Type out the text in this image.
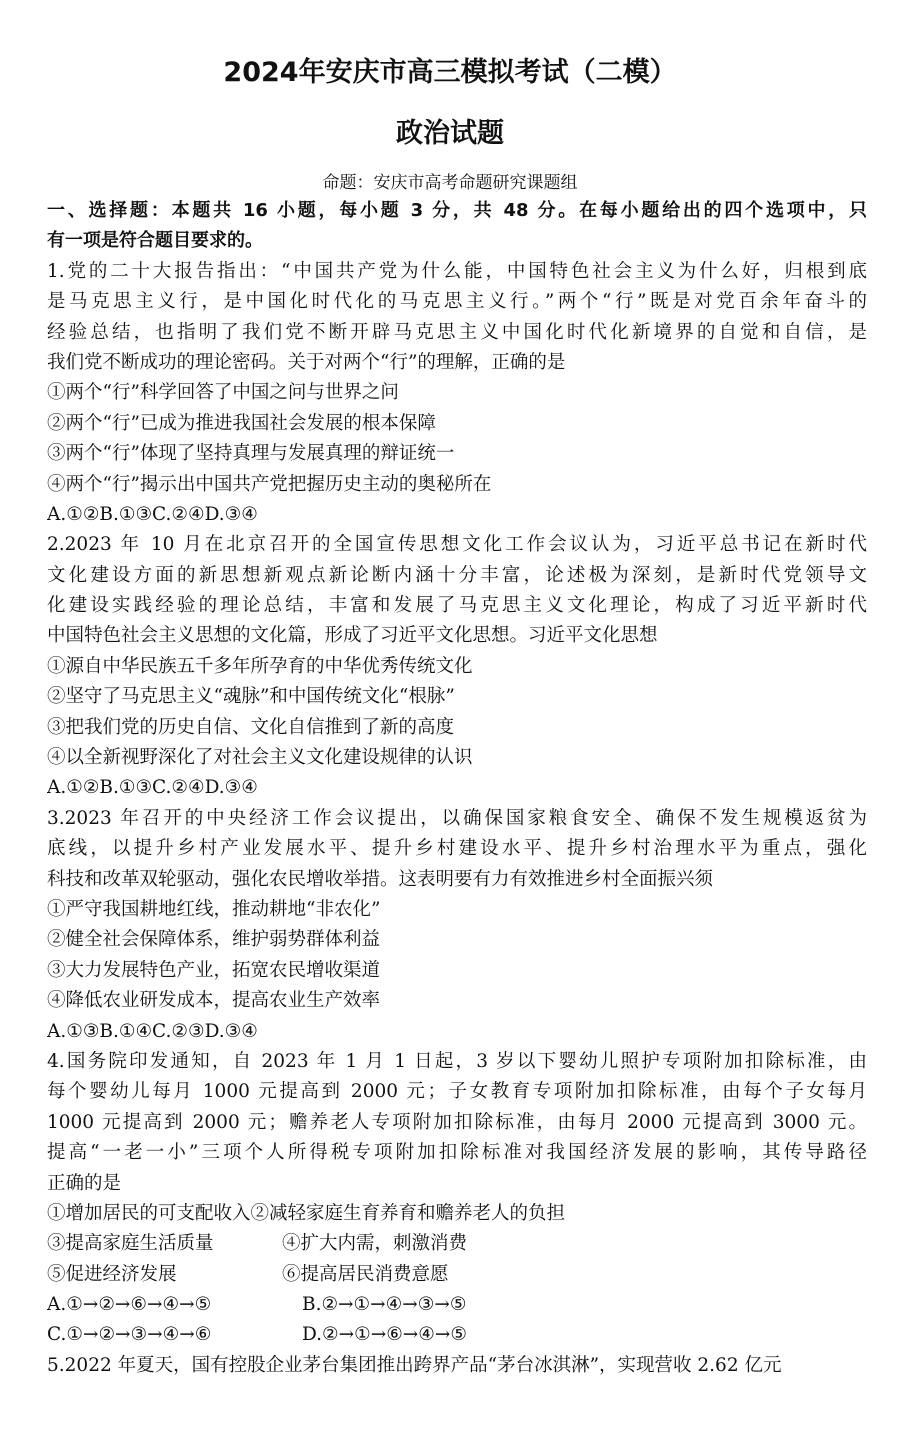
2024年安庆市高三模拟考试（二模）
政治试题
命题：安庆市高考命题研究课题组
一、选择题：本题共 16 小题，每小题 3 分，共 48 分。在每小题给出的四个选项中，只
有一项是符合题目要求的。
1.党的二十大报告指出：“中国共产党为什么能，中国特色社会主义为什么好，归根到底
是马克思主义行，是中国化时代化的马克思主义行。”两个“行”既是对党百余年奋斗的
经验总结，也指明了我们党不断开辟马克思主义中国化时代化新境界的自觉和自信，是
我们党不断成功的理论密码。关于对两个“行”的理解，正确的是
①两个“行”科学回答了中国之问与世界之问
②两个“行”已成为推进我国社会发展的根本保障
③两个“行”体现了坚持真理与发展真理的辩证统一
④两个“行”揭示出中国共产党把握历史主动的奥秘所在
A.①②B.①③C.②④D.③④
2.2023 年 10 月在北京召开的全国宣传思想文化工作会议认为，习近平总书记在新时代
文化建设方面的新思想新观点新论断内涵十分丰富，论述极为深刻，是新时代党领导文
化建设实践经验的理论总结，丰富和发展了马克思主义文化理论，构成了习近平新时代
中国特色社会主义思想的文化篇，形成了习近平文化思想。习近平文化思想
①源自中华民族五千多年所孕育的中华优秀传统文化
②坚守了马克思主义“魂脉”和中国传统文化“根脉”
③把我们党的历史自信、文化自信推到了新的高度
④以全新视野深化了对社会主义文化建设规律的认识
A.①②B.①③C.②④D.③④
3.2023 年召开的中央经济工作会议提出，以确保国家粮食安全、确保不发生规模返贫为
底线，以提升乡村产业发展水平、提升乡村建设水平、提升乡村治理水平为重点，强化
科技和改革双轮驱动，强化农民增收举措。这表明要有力有效推进乡村全面振兴须
①严守我国耕地红线，推动耕地“非农化”
②健全社会保障体系，维护弱势群体利益
③大力发展特色产业，拓宽农民增收渠道
④降低农业研发成本，提高农业生产效率
A.①③B.①④C.②③D.③④
4.国务院印发通知，自 2023 年 1 月 1 日起，3 岁以下婴幼儿照护专项附加扣除标准，由
每个婴幼儿每月 1000 元提高到 2000 元；子女教育专项附加扣除标准，由每个子女每月
1000 元提高到 2000 元；赡养老人专项附加扣除标准，由每月 2000 元提高到 3000 元。
提高“一老一小”三项个人所得税专项附加扣除标准对我国经济发展的影响，其传导路径
正确的是
①增加居民的可支配收入②减轻家庭生育养育和赡养老人的负担
③提高家庭生活质量	④扩大内需，刺激消费
⑤促进经济发展	⑥提高居民消费意愿
A.①→②→⑥→④→⑤	B.②→①→④→③→⑤
C.①→②→③→④→⑥	D.②→①→⑥→④→⑤
5.2022 年夏天，国有控股企业茅台集团推出跨界产品“茅台冰淇淋”，实现营收 2.62 亿元
